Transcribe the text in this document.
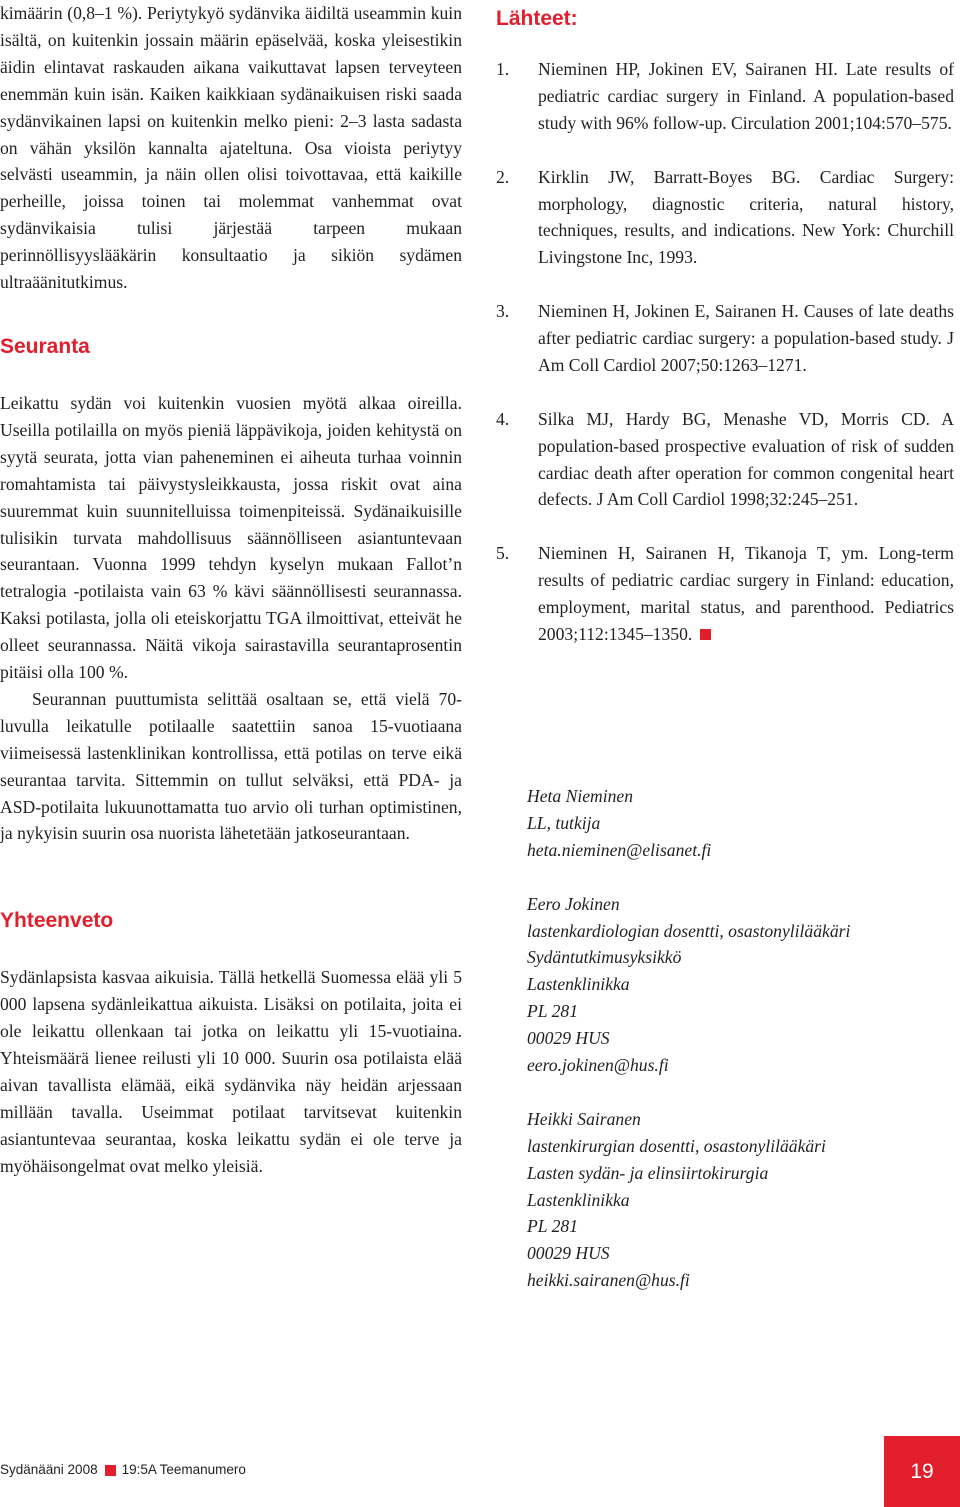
kimäärin (0,8–1 %). Periytykyö sydänvika äidiltä useammin kuin isältä, on kuitenkin jossain määrin epäselvää, koska yleisestikin äidin elintavat raskauden aikana vaikuttavat lapsen terveyteen enemmän kuin isän. Kaiken kaikkiaan sydänaikuisen riski saada sydänvikainen lapsi on kuitenkin melko pieni: 2–3 lasta sadasta on vähän yksilön kannalta ajateltuna. Osa vioista periytyy selvästi useammin, ja näin ollen olisi toivottavaa, että kaikille perheille, joissa toinen tai molemmat vanhemmat ovat sydänvikaisia tulisi järjestää tarpeen mukaan perinnöllisyyslääkärin konsultaatio ja sikiön sydämen ultraäänitutkimus.

Seuranta

Leikattu sydän voi kuitenkin vuosien myötä alkaa oireilla. Useilla potilailla on myös pieniä läppävikoja, joiden kehitystä on syytä seurata, jotta vian paheneminen ei aiheuta turhaa voinnin romahtamista tai päivystysleikkausta, jossa riskit ovat aina suuremmat kuin suunnitelluissa toimenpiteissä. Sydänaikuisille tulisikin turvata mahdollisuus säännölliseen asiantuntevaan seurantaan. Vuonna 1999 tehdyn kyselyn mukaan Fallot’n tetralogia -potilaista vain 63 % kävi säännöllisesti seurannassa. Kaksi potilasta, jolla oli eteiskorjattu TGA ilmoittivat, etteivät he olleet seurannassa. Näitä vikoja sairastavilla seurantaprosentin pitäisi olla 100 %.

Seurannan puuttumista selittää osaltaan se, että vielä 70-luvulla leikatulle potilaalle saatettiin sanoa 15-vuotiaana viimeisessä lastenklinikan kontrollissa, että potilas on terve eikä seurantaa tarvita. Sittemmin on tullut selväksi, että PDA- ja ASD-potilaita lukuunottamatta tuo arvio oli turhan optimistinen, ja nykyisin suurin osa nuorista lähetetään jatkoseurantaan.

Yhteenveto

Sydänlapsista kasvaa aikuisia. Tällä hetkellä Suomessa elää yli 5 000 lapsena sydänleikattua aikuista. Lisäksi on potilaita, joita ei ole leikattu ollenkaan tai jotka on leikattu yli 15-vuotiaina. Yhteismäärä lienee reilusti yli 10 000. Suurin osa potilaista elää aivan tavallista elämää, eikä sydänvika näy heidän arjessaan millään tavalla. Useimmat potilaat tarvitsevat kuitenkin asiantuntevaa seurantaa, koska leikattu sydän ei ole terve ja myöhäisongelmat ovat melko yleisiä.

Lähteet:
1.	Nieminen HP, Jokinen EV, Sairanen HI. Late results of pediatric cardiac surgery in Finland. A population-based study with 96% follow-up. Circulation 2001;104:570–575.
2.	Kirklin JW, Barratt-Boyes BG. Cardiac Surgery: morphology, diagnostic criteria, natural history, techniques, results, and indications. New York: Churchill Livingstone Inc, 1993.
3.	Nieminen H, Jokinen E, Sairanen H. Causes of late deaths after pediatric cardiac surgery: a population-based study. J Am Coll Cardiol 2007;50:1263–1271.
4.	Silka MJ, Hardy BG, Menashe VD, Morris CD. A population-based prospective evaluation of risk of sudden cardiac death after operation for common congenital heart defects. J Am Coll Cardiol 1998;32:245–251.
5.	Nieminen H, Sairanen H, Tikanoja T, ym. Long-term results of pediatric cardiac surgery in Finland: education, employment, marital status, and parenthood. Pediatrics 2003;112:1345–1350.
Heta Nieminen
LL, tutkija
heta.nieminen@elisanet.fi
Eero Jokinen
lastenkardiologian dosentti, osastonylilääkäri
Sydäntutkimusyksikkö
Lastenklinikka
PL 281
00029 HUS
eero.jokinen@hus.fi
Heikki Sairanen
lastenkirurgian dosentti, osastonylilääkäri
Lasten sydän- ja elinsiirtokirurgia
Lastenklinikka
PL 281
00029 HUS
heikki.sairanen@hus.fi
Sydänääni 2008 19:5A Teemanumero	19
